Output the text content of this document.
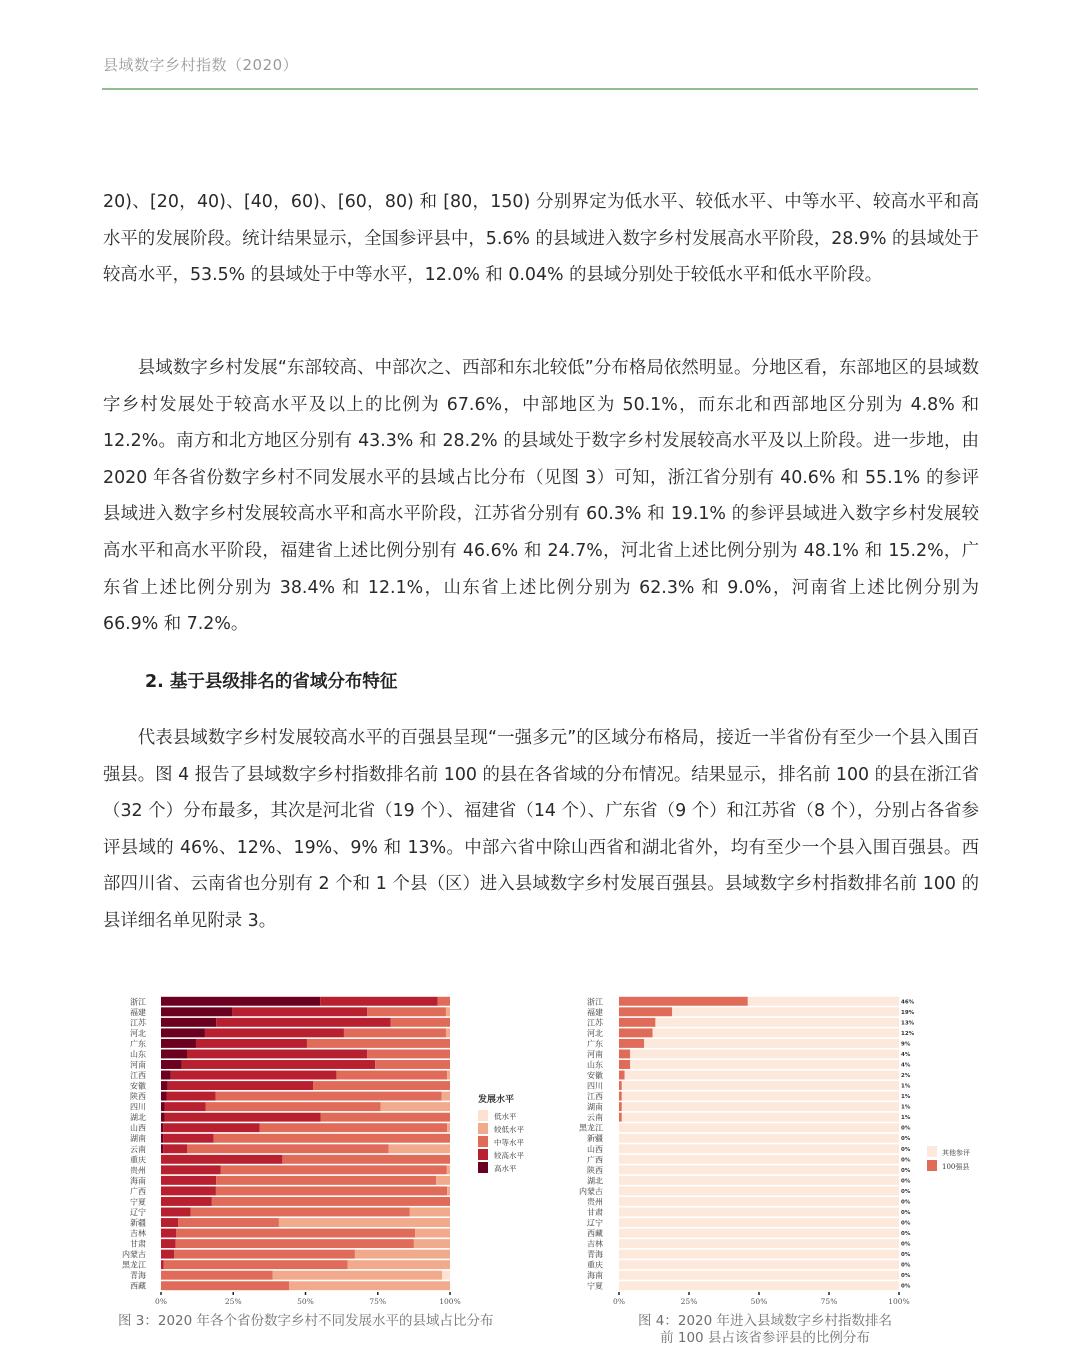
县域数字乡村指数（2020）

20)、[20，40)、[40，60)、[60，80) 和 [80，150) 分别界定为低水平、较低水平、中等水平、较高水平和高水平的发展阶段。统计结果显示，全国参评县中，5.6% 的县域进入数字乡村发展高水平阶段，28.9% 的县域处于较高水平，53.5% 的县域处于中等水平，12.0% 和 0.04% 的县域分别处于较低水平和低水平阶段。

县域数字乡村发展“东部较高、中部次之、西部和东北较低”分布格局依然明显。分地区看，东部地区的县域数字乡村发展处于较高水平及以上的比例为 67.6%，中部地区为 50.1%，而东北和西部地区分别为 4.8% 和 12.2%。南方和北方地区分别有 43.3% 和 28.2% 的县域处于数字乡村发展较高水平及以上阶段。进一步地，由 2020 年各省份数字乡村不同发展水平的县域占比分布（见图 3）可知，浙江省分别有 40.6% 和 55.1% 的参评县域进入数字乡村发展较高水平和高水平阶段，江苏省分别有 60.3% 和 19.1% 的参评县域进入数字乡村发展较高水平和高水平阶段，福建省上述比例分别有 46.6% 和 24.7%，河北省上述比例分别为 48.1% 和 15.2%，广东省上述比例分别为 38.4% 和 12.1%，山东省上述比例分别为 62.3% 和 9.0%，河南省上述比例分别为 66.9% 和 7.2%。

2. 基于县级排名的省域分布特征

代表县域数字乡村发展较高水平的百强县呈现“一强多元”的区域分布格局，接近一半省份有至少一个县入围百强县。图 4 报告了县域数字乡村指数排名前 100 的县在各省域的分布情况。结果显示，排名前 100 的县在浙江省（32 个）分布最多，其次是河北省（19 个）、福建省（14 个）、广东省（9 个）和江苏省（8 个），分别占各省参评县域的 46%、12%、19%、9% 和 13%。中部六省中除山西省和湖北省外，均有至少一个县入围百强县。西部四川省、云南省也分别有 2 个和 1 个县（区）进入县域数字乡村发展百强县。县域数字乡村指数排名前 100 的县详细名单见附录 3。

浙江
福建
江苏
河北
广东
山东
河南
江西
安徽
陕西
四川
湖北
山西
湖南
云南
重庆
贵州
海南
广西
宁夏
辽宁
新疆
吉林
甘肃
内蒙古
黑龙江
青海
西藏
0%	25%	50%	75%	100%
发展水平
低水平
较低水平
中等水平
较高水平
高水平
图 3：2020 年各个省份数字乡村不同发展水平的县域占比分布
浙江	46%
福建	19%
江苏	13%
河北	12%
广东	9%
河南	4%
山东	4%
安徽	2%
四川	1%
江西	1%
湖南	1%
云南	1%
黑龙江	0%
新疆	0%
山西	0%
广西	0%
陕西	0%
湖北	0%
内蒙古	0%
贵州	0%
甘肃	0%
辽宁	0%
西藏	0%
吉林	0%
青海	0%
重庆	0%
海南	0%
宁夏	0%
0%	25%	50%	75%	100%
其他参评
100强县
图 4：2020 年进入县域数字乡村指数排名
前 100 县占该省参评县的比例分布
